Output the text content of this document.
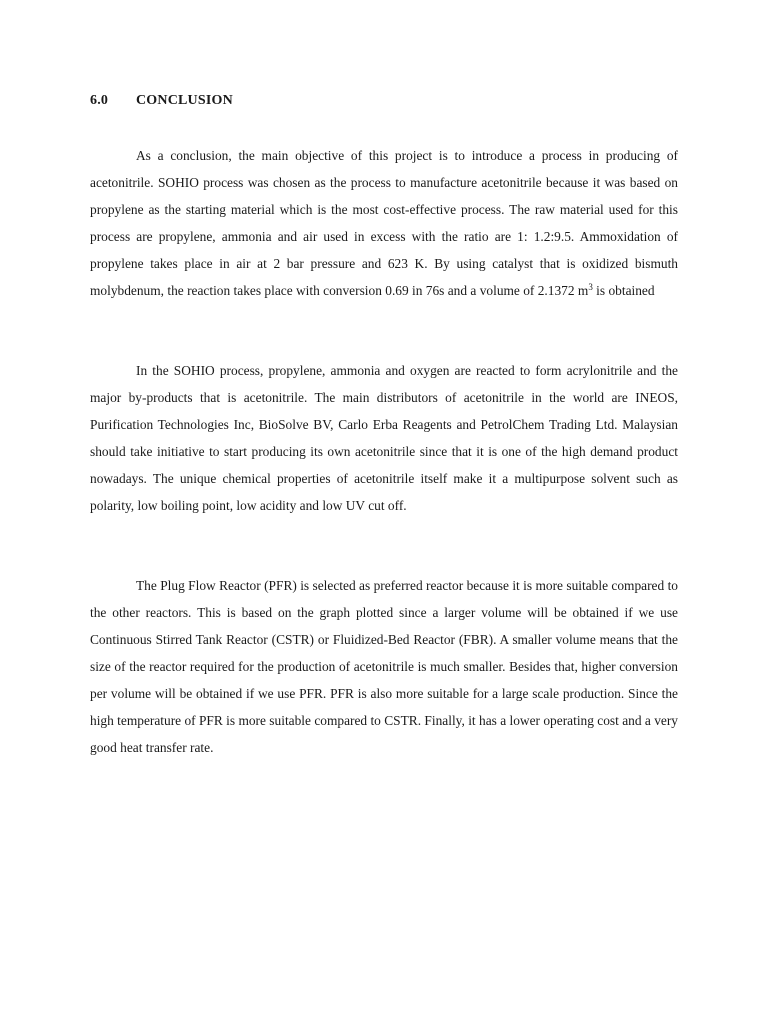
6.0 CONCLUSION

As a conclusion, the main objective of this project is to introduce a process in producing of acetonitrile. SOHIO process was chosen as the process to manufacture acetonitrile because it was based on propylene as the starting material which is the most cost-effective process. The raw material used for this process are propylene, ammonia and air used in excess with the ratio are 1: 1.2:9.5. Ammoxidation of propylene takes place in air at 2 bar pressure and 623 K. By using catalyst that is oxidized bismuth molybdenum, the reaction takes place with conversion 0.69 in 76s and a volume of 2.1372 $m^3$ is obtained

In the SOHIO process, propylene, ammonia and oxygen are reacted to form acrylonitrile and the major by-products that is acetonitrile. The main distributors of acetonitrile in the world are INEOS, Purification Technologies Inc, BioSolve BV, Carlo Erba Reagents and PetrolChem Trading Ltd. Malaysian should take initiative to start producing its own acetonitrile since that it is one of the high demand product nowadays. The unique chemical properties of acetonitrile itself make it a multipurpose solvent such as polarity, low boiling point, low acidity and low UV cut off.

The Plug Flow Reactor (PFR) is selected as preferred reactor because it is more suitable compared to the other reactors. This is based on the graph plotted since a larger volume will be obtained if we use Continuous Stirred Tank Reactor (CSTR) or Fluidized-Bed Reactor (FBR). A smaller volume means that the size of the reactor required for the production of acetonitrile is much smaller. Besides that, higher conversion per volume will be obtained if we use PFR. PFR is also more suitable for a large scale production. Since the high temperature of PFR is more suitable compared to CSTR. Finally, it has a lower operating cost and a very good heat transfer rate.
